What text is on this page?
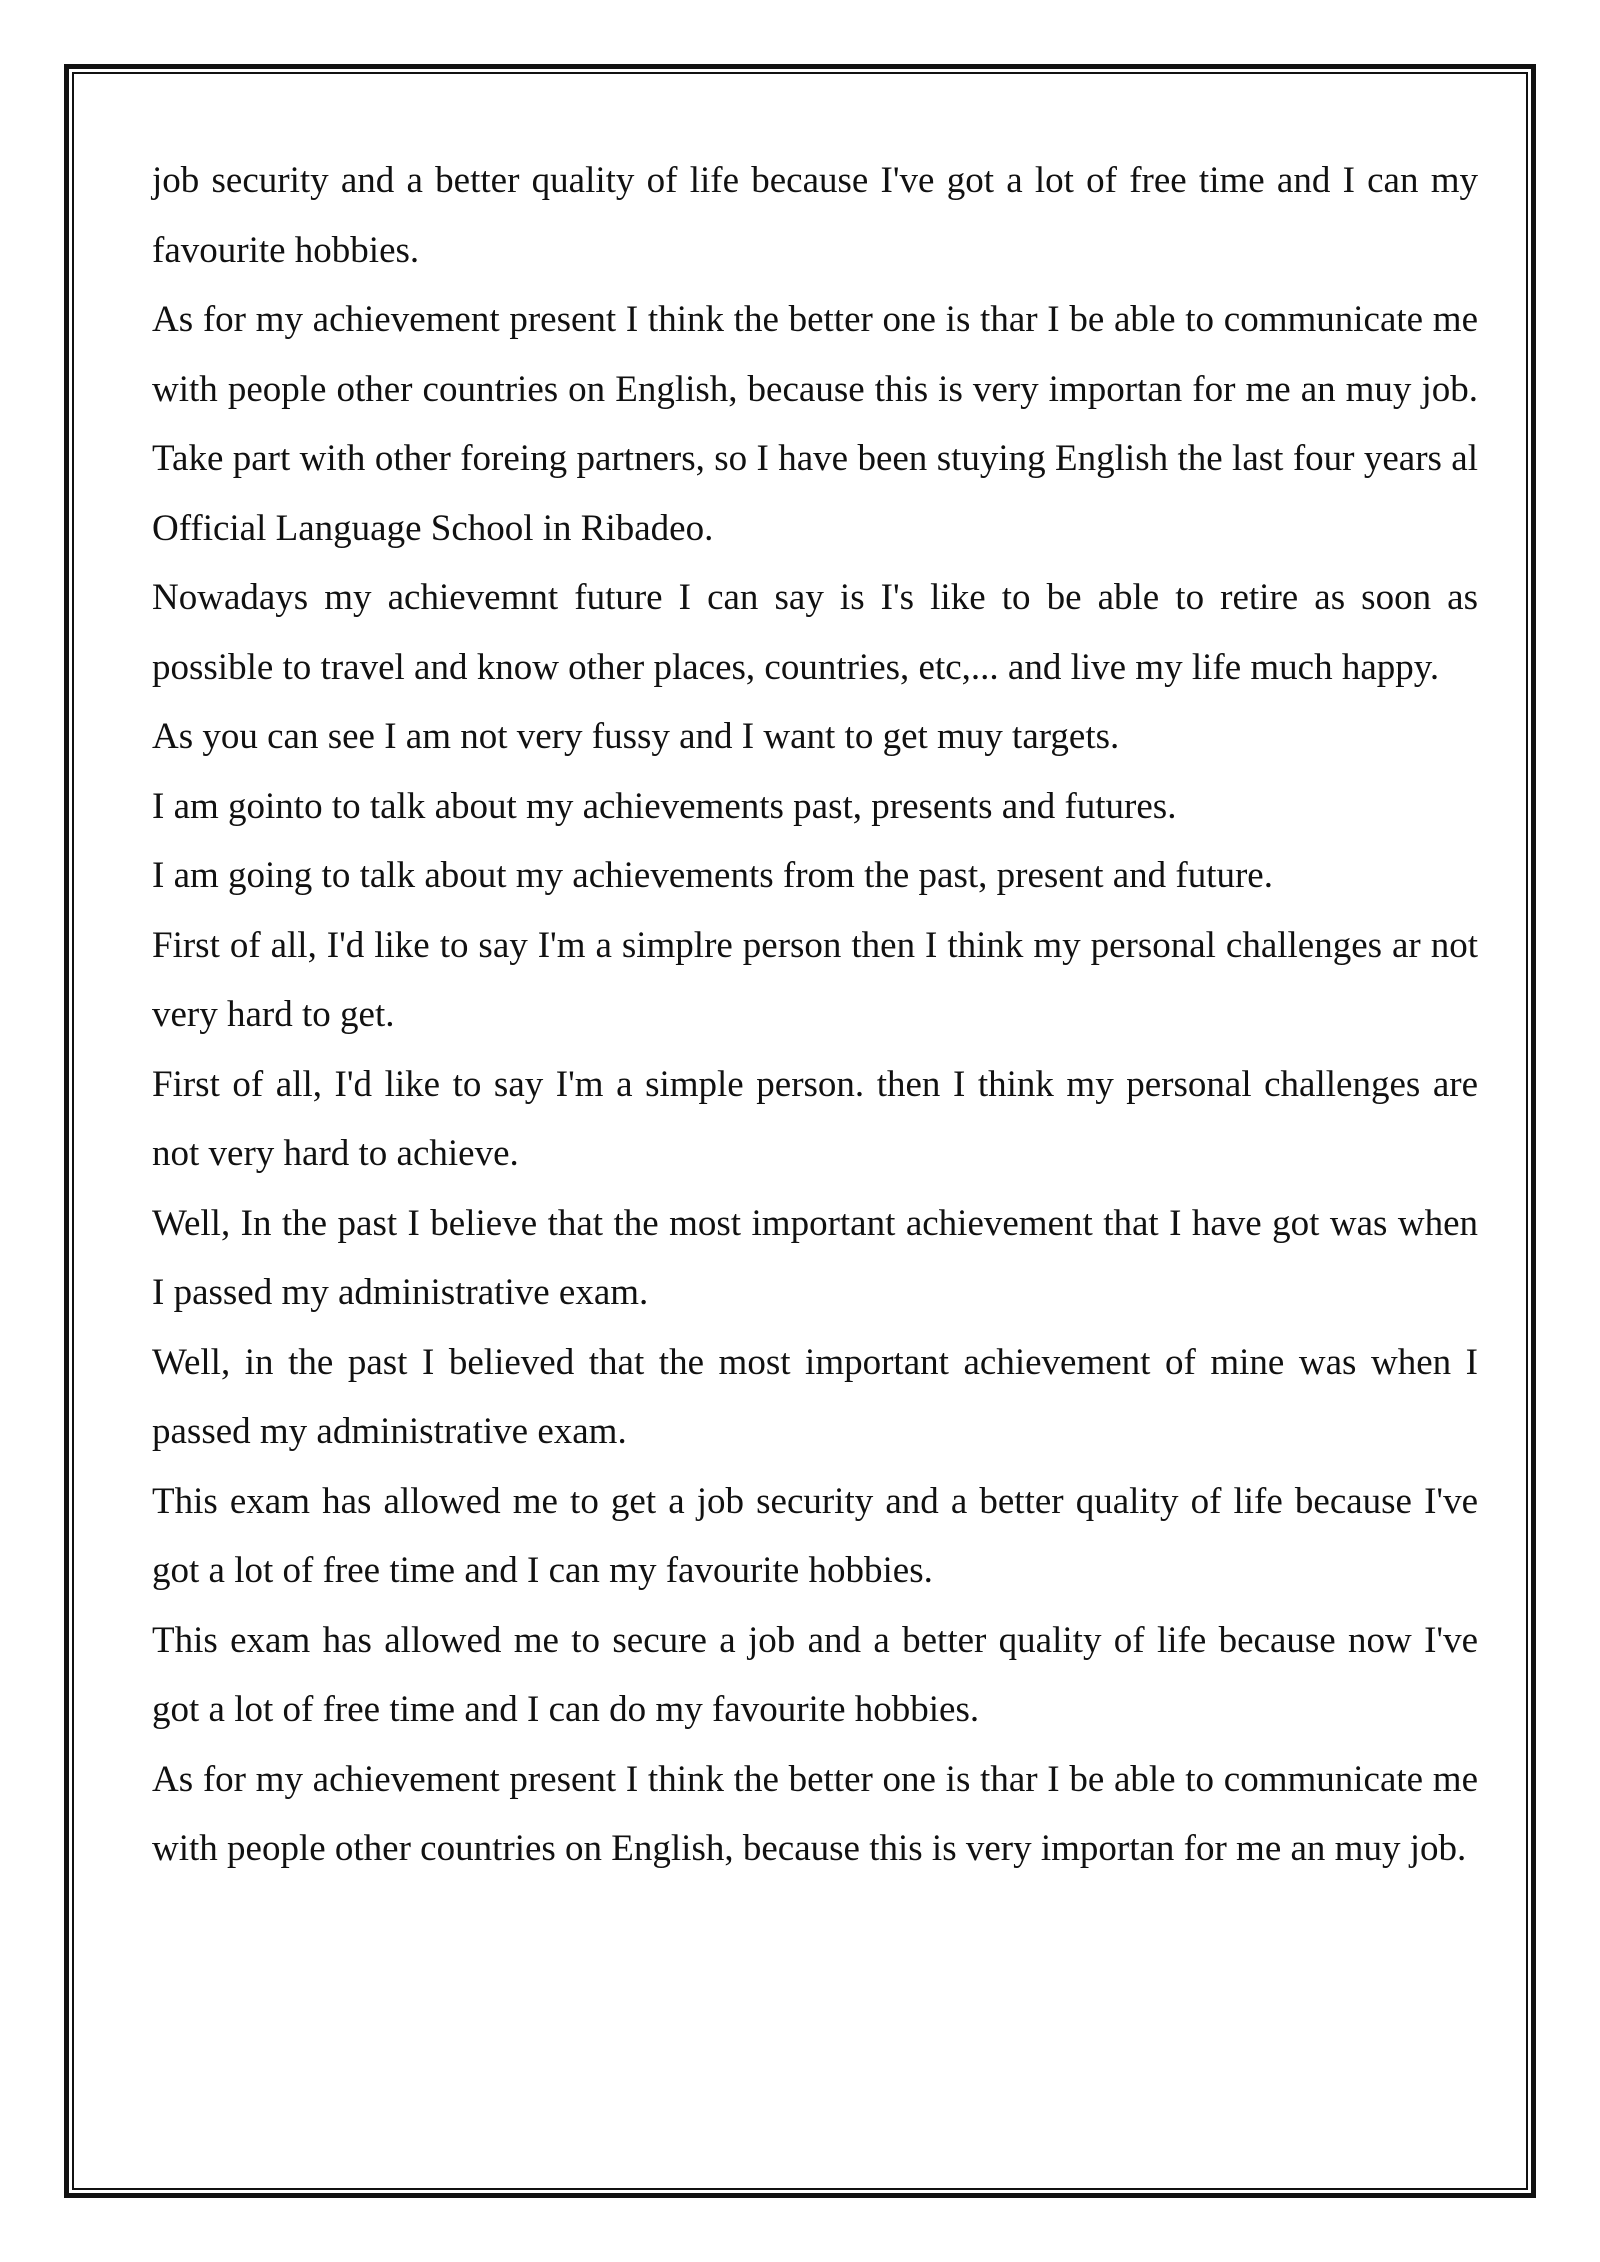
job security and a better quality of life because I've got a lot of free time and I can my favourite hobbies.

As for my achievement present I think the better one is thar I be able to communicate me with people other countries on English, because this is very importan for me an muy job. Take part with other foreing partners, so I have been stuying English the last four years al Official Language School in Ribadeo.

Nowadays my achievemnt future I can say is I's like to be able to retire as soon as possible to travel and know other places, countries, etc,... and live my life much happy.

As you can see I am not very fussy and I want to get muy targets.

I am gointo to talk about my achievements past, presents and futures.

I am going to talk about my achievements from the past, present and future.

First of all, I'd like to say I'm a simplre person then I think my personal challenges ar not very hard to get.

First of all, I'd like to say I'm a simple person. then I think my personal challenges are not very hard to achieve.

Well, In the past I believe that the most important achievement that I have got was when I passed my administrative exam.

Well, in the past I believed that the most important achievement of mine was when I passed my administrative exam.

This exam has allowed me to get a job security and a better quality of life because I've got a lot of free time and I can my favourite hobbies.

This exam has allowed me to secure a job and a better quality of life because now I've got a lot of free time and I can do my favourite hobbies.

As for my achievement present I think the better one is thar I be able to communicate me with people other countries on English, because this is very importan for me an muy job.
